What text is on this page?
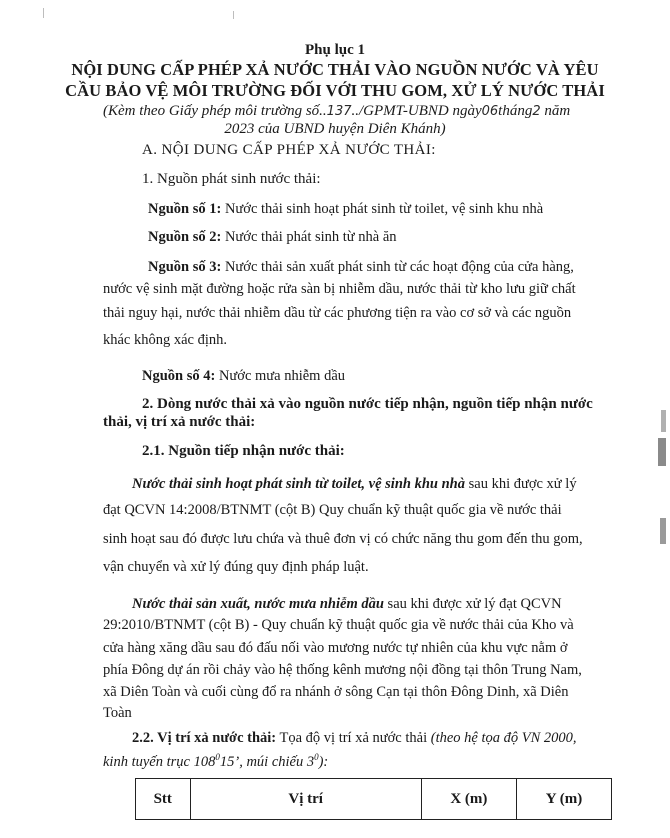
Phụ lục 1
NỘI DUNG CẤP PHÉP XẢ NƯỚC THẢI VÀO NGUỒN NƯỚC VÀ YÊU
CẦU BẢO VỆ MÔI TRƯỜNG ĐỐI VỚI THU GOM, XỬ LÝ NƯỚC THẢI
(Kèm theo Giấy phép môi trường số..137../GPMT-UBND ngày06tháng2 năm
2023 của UBND huyện Diên Khánh)
A. NỘI DUNG CẤP PHÉP XẢ NƯỚC THẢI:
1. Nguồn phát sinh nước thải:
Nguồn số 1: Nước thải sinh hoạt phát sinh từ toilet, vệ sinh khu nhà
Nguồn số 2: Nước thải phát sinh từ nhà ăn
Nguồn số 3: Nước thải sản xuất phát sinh từ các hoạt động của cửa hàng,
nước vệ sinh mặt đường hoặc rửa sàn bị nhiễm dầu, nước thải từ kho lưu giữ chất
thải nguy hại, nước thải nhiễm dầu từ các phương tiện ra vào cơ sở và các nguồn
khác không xác định.
Nguồn số 4: Nước mưa nhiễm dầu
2. Dòng nước thải xả vào nguồn nước tiếp nhận, nguồn tiếp nhận nước
thải, vị trí xả nước thải:
2.1. Nguồn tiếp nhận nước thải:
Nước thải sinh hoạt phát sinh từ toilet, vệ sinh khu nhà sau khi được xử lý
đạt QCVN 14:2008/BTNMT (cột B) Quy chuẩn kỹ thuật quốc gia về nước thải
sinh hoạt sau đó được lưu chứa và thuê đơn vị có chức năng thu gom đến thu gom,
vận chuyển và xử lý đúng quy định pháp luật.
Nước thải sản xuất, nước mưa nhiễm dầu sau khi được xử lý đạt QCVN
29:2010/BTNMT (cột B) - Quy chuẩn kỹ thuật quốc gia về nước thải của Kho và
cửa hàng xăng dầu sau đó đấu nối vào mương nước tự nhiên của khu vực nằm ở
phía Đông dự án rồi chảy vào hệ thống kênh mương nội đồng tại thôn Trung Nam,
xã Diên Toàn và cuối cùng đổ ra nhánh ở sông Cạn tại thôn Đông Dinh, xã Diên
Toàn
2.2. Vị trí xả nước thải: Tọa độ vị trí xả nước thải (theo hệ tọa độ VN 2000,
kinh tuyến trục $108^015$’, múi chiếu $3^0$):
Stt	Vị trí	X (m)	Y (m)
